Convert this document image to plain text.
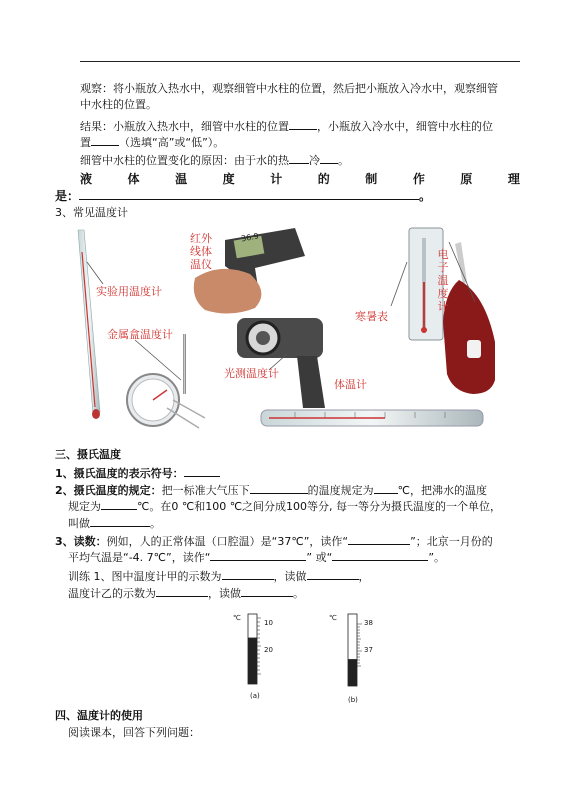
观察：将小瓶放入热水中，观察细管中水柱的位置，然后把小瓶放入冷水中，观察细管
中水柱的位置。
结果：小瓶放入热水中，细管中水柱的位置	，小瓶放入冷水中，细管中水柱的位
置	（选填“高”或“低”）。
细管中水柱的位置变化的原因：由于水的热 冷 。
液	体	温	度	计	的	制	作	原	理
是：	。
3、常见温度计
红外
线体
温仪
36.9
实验用温度计
电
子
温
度
计
寒暑表
金属盒温度计
光测温度计
体温计
三、摄氏温度
1、摄氏温度的表示符号：
2、摄氏温度的规定：把一标准大气压下	的温度规定为 ℃，把沸水的温度
规定为	℃。在0 ℃和100 ℃之间分成100等分, 每一等分为摄氏温度的一个单位，
叫做	。
3、读数：例如，人的正常体温（口腔温）是“37℃”，读作“	”；北京一月份的
平均气温是“-4. 7℃”，读作“	” 或“	”。
训练 1、图中温度计甲的示数为	，读做	，
温度计乙的示数为	，读做	。
℃
10
20
(a)
℃
38
37
(b)
四、温度计的使用
阅读课本，回答下列问题：
